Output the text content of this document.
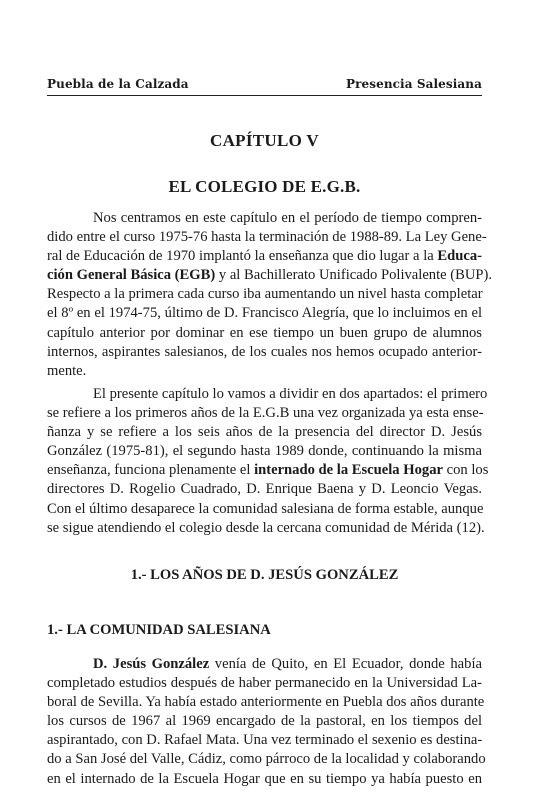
Puebla de la Calzada	Presencia Salesiana
CAPÍTULO V
EL COLEGIO DE E.G.B.

Nos centramos en este capítulo en el período de tiempo compren-
dido entre el curso 1975-76 hasta la terminación de 1988-89. La Ley Gene-
ral de Educación de 1970 implantó la enseñanza que dio lugar a la Educa-
ción General Básica (EGB) y al Bachillerato Unificado Polivalente (BUP).
Respecto a la primera cada curso iba aumentando un nivel hasta completar
el 8º en el 1974-75, último de D. Francisco Alegría, que lo incluimos en el
capítulo anterior por dominar en ese tiempo un buen grupo de alumnos
internos, aspirantes salesianos, de los cuales nos hemos ocupado anterior-
mente.

El presente capítulo lo vamos a dividir en dos apartados: el primero
se refiere a los primeros años de la E.G.B una vez organizada ya esta ense-
ñanza y se refiere a los seis años de la presencia del director D. Jesús
González (1975-81), el segundo hasta 1989 donde, continuando la misma
enseñanza, funciona plenamente el internado de la Escuela Hogar con los
directores D. Rogelio Cuadrado, D. Enrique Baena y D. Leoncio Vegas.
Con el último desaparece la comunidad salesiana de forma estable, aunque
se sigue atendiendo el colegio desde la cercana comunidad de Mérida (12).

1.- LOS AÑOS DE D. JESÚS GONZÁLEZ
1.- LA COMUNIDAD SALESIANA

D. Jesús González venía de Quito, en El Ecuador, donde había
completado estudios después de haber permanecido en la Universidad La-
boral de Sevilla. Ya había estado anteriormente en Puebla dos años durante
los cursos de 1967 al 1969 encargado de la pastoral, en los tiempos del
aspirantado, con D. Rafael Mata. Una vez terminado el sexenio es destina-
do a San José del Valle, Cádiz, como párroco de la localidad y colaborando
en el internado de la Escuela Hogar que en su tiempo ya había puesto en
